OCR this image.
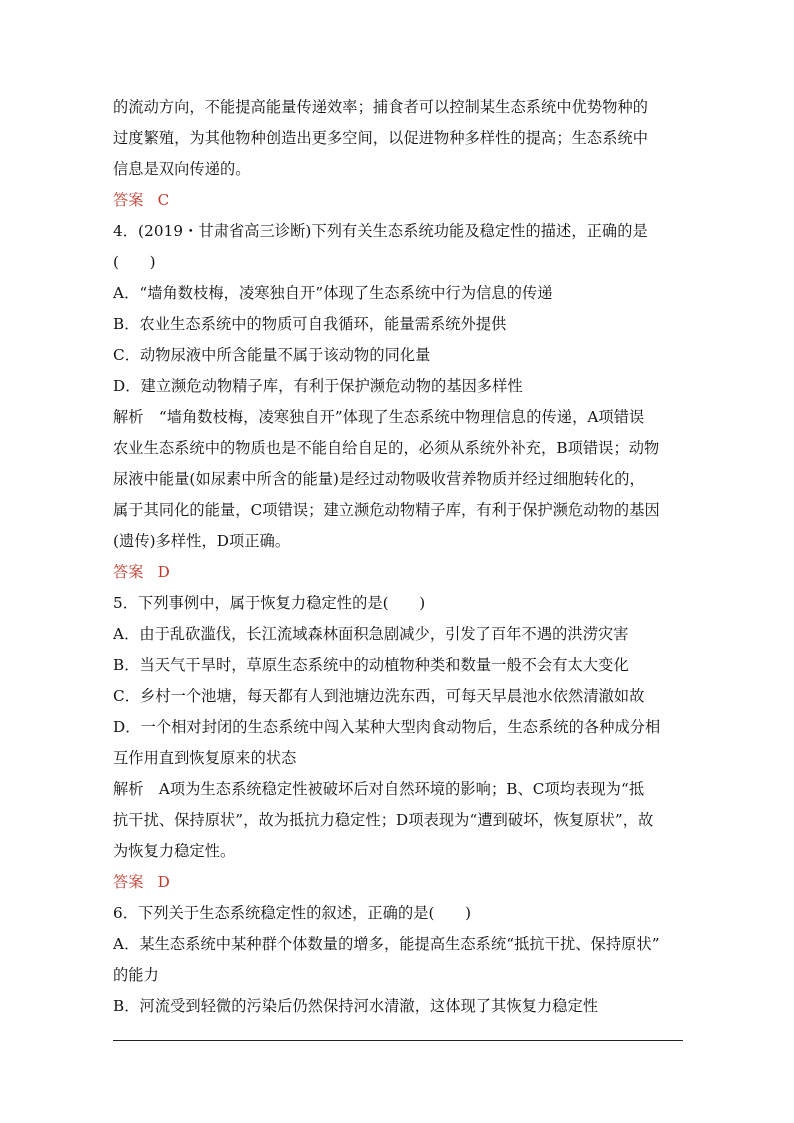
的流动方向，不能提高能量传递效率；捕食者可以控制某生态系统中优势物种的
过度繁殖，为其他物种创造出更多空间，以促进物种多样性的提高；生态系统中
信息是双向传递的。
答案 C
4．(2019・甘肃省高三诊断)下列有关生态系统功能及稳定性的描述，正确的是
(　　)
A．“墙角数枝梅，凌寒独自开”体现了生态系统中行为信息的传递
B．农业生态系统中的物质可自我循环，能量需系统外提供
C．动物尿液中所含能量不属于该动物的同化量
D．建立濒危动物精子库，有利于保护濒危动物的基因多样性
解析　“墙角数枝梅，凌寒独自开”体现了生态系统中物理信息的传递，A项错误
农业生态系统中的物质也是不能自给自足的，必须从系统外补充，B项错误；动物
尿液中能量(如尿素中所含的能量)是经过动物吸收营养物质并经过细胞转化的，
属于其同化的能量，C项错误；建立濒危动物精子库，有利于保护濒危动物的基因
(遗传)多样性，D项正确。
答案 D
5．下列事例中，属于恢复力稳定性的是(　　)
A．由于乱砍滥伐，长江流域森林面积急剧减少，引发了百年不遇的洪涝灾害
B．当天气干旱时，草原生态系统中的动植物种类和数量一般不会有太大变化
C．乡村一个池塘，每天都有人到池塘边洗东西，可每天早晨池水依然清澈如故
D．一个相对封闭的生态系统中闯入某种大型肉食动物后，生态系统的各种成分相
互作用直到恢复原来的状态
解析　A项为生态系统稳定性被破坏后对自然环境的影响；B、C项均表现为“抵
抗干扰、保持原状”，故为抵抗力稳定性；D项表现为“遭到破坏，恢复原状”，故
为恢复力稳定性。
答案 D
6．下列关于生态系统稳定性的叙述，正确的是(　　)
A．某生态系统中某种群个体数量的增多，能提高生态系统“抵抗干扰、保持原状”
的能力
B．河流受到轻微的污染后仍然保持河水清澈，这体现了其恢复力稳定性
